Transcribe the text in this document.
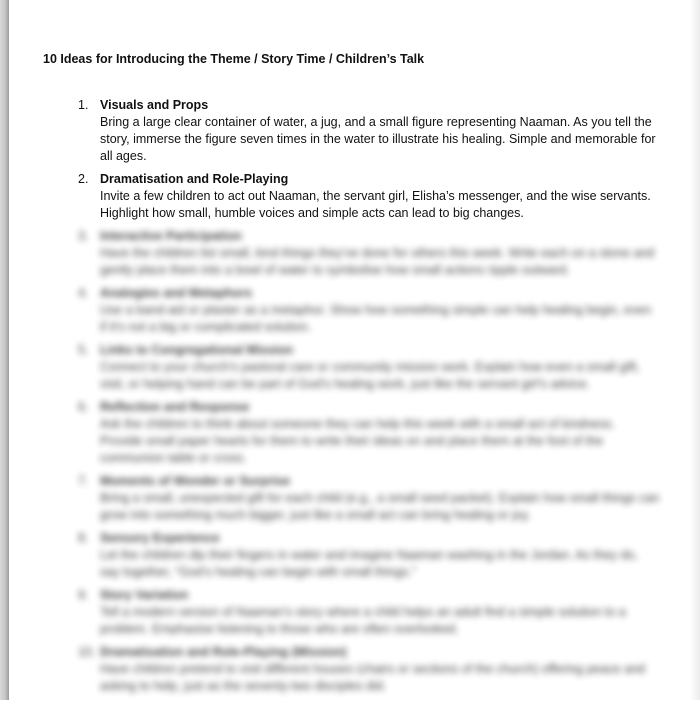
10 Ideas for Introducing the Theme / Story Time / Children’s Talk
1. Visuals and Props
Bring a large clear container of water, a jug, and a small figure representing Naaman. As you tell the story, immerse the figure seven times in the water to illustrate his healing. Simple and memorable for all ages.
2. Dramatisation and Role-Playing
Invite a few children to act out Naaman, the servant girl, Elisha’s messenger, and the wise servants. Highlight how small, humble voices and simple acts can lead to big changes.
3. Interactive Participation
Have the children list small, kind things they’ve done for others this week. Write each on a stone and gently place them into a bowl of water to symbolise how small actions ripple outward.
4. Analogies and Metaphors
Use a band-aid or plaster as a metaphor. Show how something simple can help healing begin, even if it’s not a big or complicated solution.
5. Links to Congregational Mission
Connect to your church’s pastoral care or community mission work. Explain how even a small gift, visit, or helping hand can be part of God’s healing work, just like the servant girl’s advice.
6. Reflection and Response
Ask the children to think about someone they can help this week with a small act of kindness. Provide small paper hearts for them to write their ideas on and place them at the foot of the communion table or cross.
7. Moments of Wonder or Surprise
Bring a small, unexpected gift for each child (e.g., a small seed packet). Explain how small things can grow into something much bigger, just like a small act can bring healing or joy.
8. Sensory Experience
Let the children dip their fingers in water and imagine Naaman washing in the Jordan. As they do, say together, “God’s healing can begin with small things.”
9. Story Variation
Tell a modern version of Naaman’s story where a child helps an adult find a simple solution to a problem. Emphasise listening to those who are often overlooked.
10. Dramatisation and Role-Playing (Mission)
Have children pretend to visit different houses (chairs or sections of the church) offering peace and asking to help, just as the seventy-two disciples did.
